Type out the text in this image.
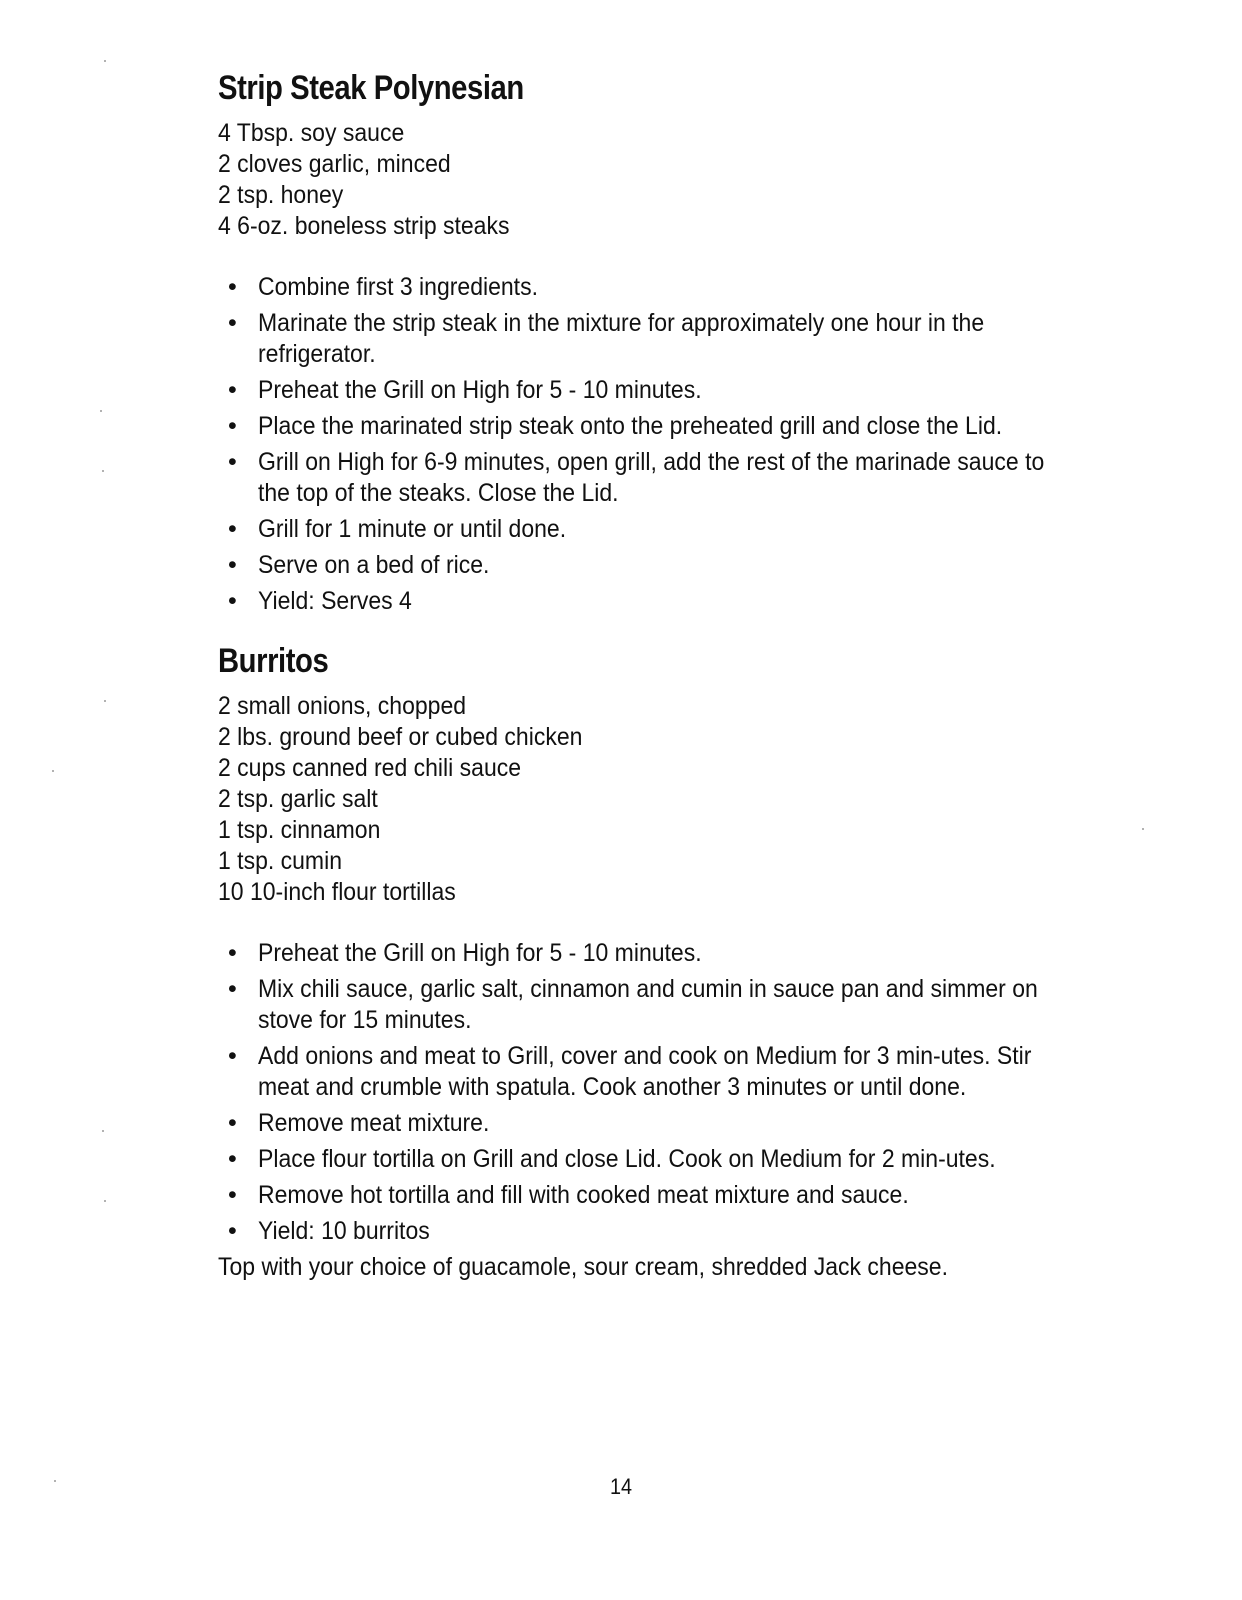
Strip Steak Polynesian
4 Tbsp. soy sauce
2 cloves garlic, minced
2 tsp. honey
4 6-oz. boneless strip steaks
• Combine first 3 ingredients.
• Marinate the strip steak in the mixture for approximately one hour in the refrigerator.
• Preheat the Grill on High for 5 - 10 minutes.
• Place the marinated strip steak onto the preheated grill and close the Lid.
• Grill on High for 6-9 minutes, open grill, add the rest of the marinade sauce to the top of the steaks. Close the Lid.
• Grill for 1 minute or until done.
• Serve on a bed of rice.
• Yield: Serves 4
Burritos
2 small onions, chopped
2 lbs. ground beef or cubed chicken
2 cups canned red chili sauce
2 tsp. garlic salt
1 tsp. cinnamon
1 tsp. cumin
10 10-inch flour tortillas
• Preheat the Grill on High for 5 - 10 minutes.
• Mix chili sauce, garlic salt, cinnamon and cumin in sauce pan and simmer on stove for 15 minutes.
• Add onions and meat to Grill, cover and cook on Medium for 3 min-utes. Stir meat and crumble with spatula. Cook another 3 minutes or until done.
• Remove meat mixture.
• Place flour tortilla on Grill and close Lid. Cook on Medium for 2 min-utes.
• Remove hot tortilla and fill with cooked meat mixture and sauce.
• Yield: 10 burritos

Top with your choice of guacamole, sour cream, shredded Jack cheese.

14
